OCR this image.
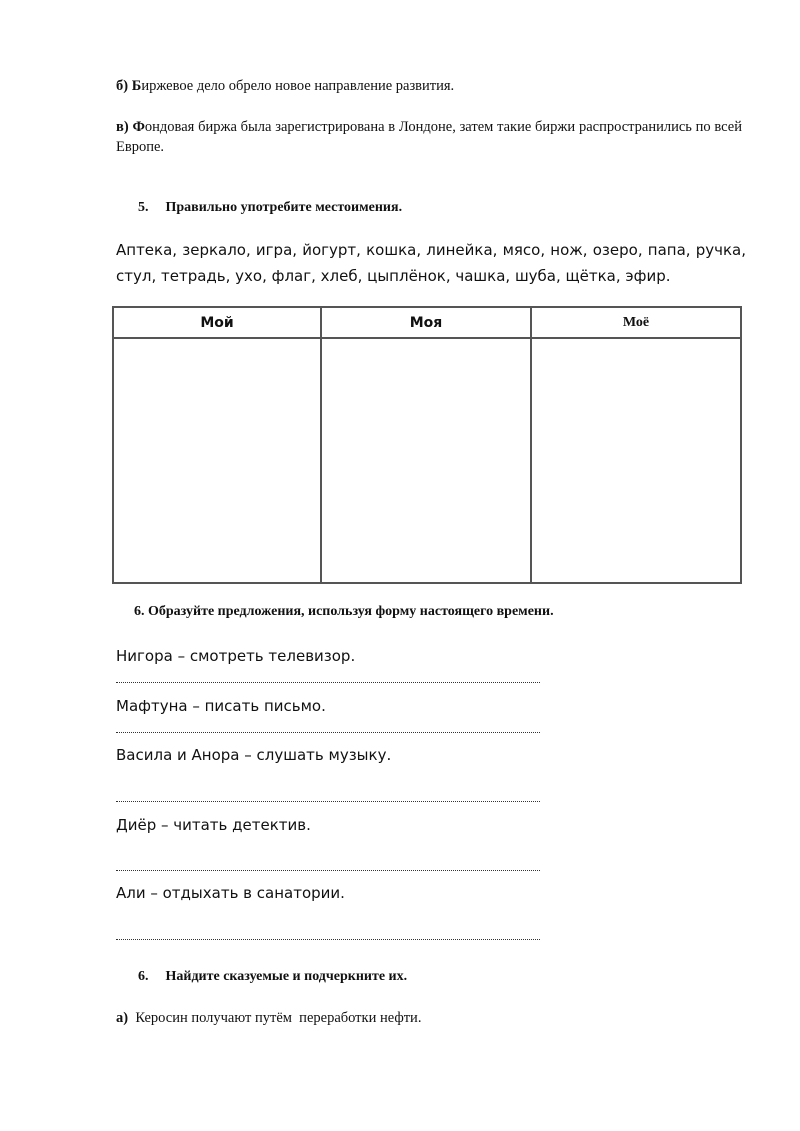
б) Биржевое дело обрело новое направление развития.
в) Фондовая биржа была зарегистрирована в Лондоне, затем такие биржи распространились по всей Европе.
5. Правильно употребите местоимения.
Аптека, зеркало, игра, йогурт, кошка, линейка, мясо, нож, озеро, папа, ручка, стул, тетрадь, ухо, флаг, хлеб, цыплёнок, чашка, шуба, щётка, эфир.
Мой	Моя	Моё
6. Образуйте предложения, используя форму настоящего времени.
Нигора – смотреть телевизор.
Мафтуна – писать письмо.
Васила и Анора – слушать музыку.
Диёр – читать детектив.
Али – отдыхать в санатории.
6. Найдите сказуемые и подчеркните их.
а) Керосин получают путём  переработки нефти.
